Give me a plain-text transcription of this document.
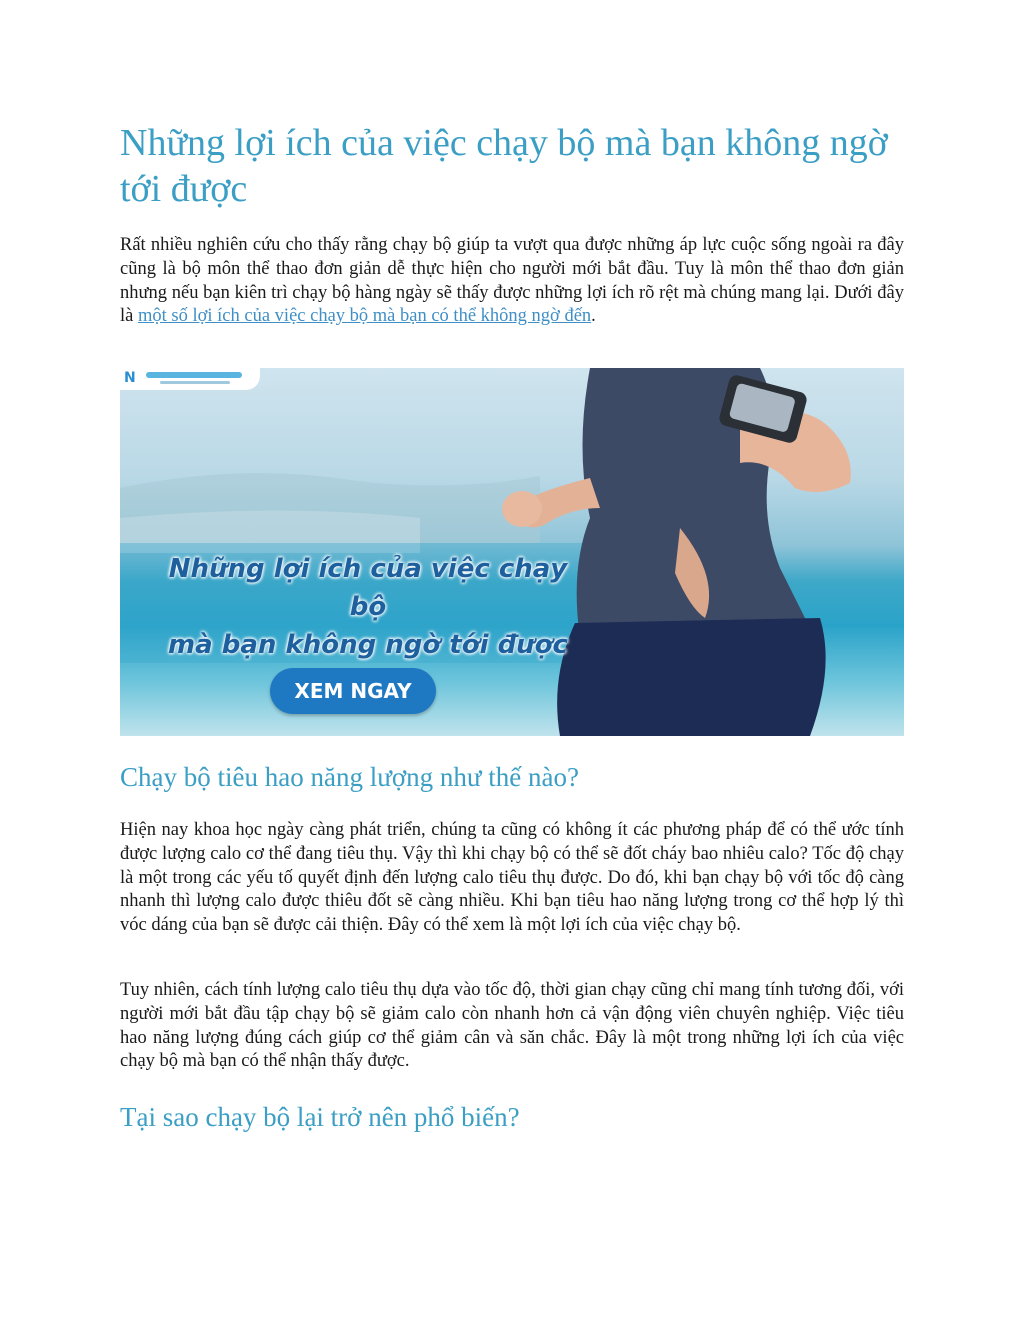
Những lợi ích của việc chạy bộ mà bạn không ngờ tới được

Rất nhiều nghiên cứu cho thấy rằng chạy bộ giúp ta vượt qua được những áp lực cuộc sống ngoài ra đây cũng là bộ môn thể thao đơn giản dễ thực hiện cho người mới bắt đầu. Tuy là môn thể thao đơn giản nhưng nếu bạn kiên trì chạy bộ hàng ngày sẽ thấy được những lợi ích rõ rệt mà chúng mang lại. Dưới đây là một số lợi ích của việc chạy bộ mà bạn có thể không ngờ đến.

N
Những lợi ích của việc chạy bộ
mà bạn không ngờ tới được
XEM NGAY
Chạy bộ tiêu hao năng lượng như thế nào?

Hiện nay khoa học ngày càng phát triển, chúng ta cũng có không ít các phương pháp để có thể ước tính được lượng calo cơ thể đang tiêu thụ. Vậy thì khi chạy bộ có thể sẽ đốt cháy bao nhiêu calo? Tốc độ chạy là một trong các yếu tố quyết định đến lượng calo tiêu thụ được. Do đó, khi bạn chạy bộ với tốc độ càng nhanh thì lượng calo được thiêu đốt sẽ càng nhiều. Khi bạn tiêu hao năng lượng trong cơ thể hợp lý thì vóc dáng của bạn sẽ được cải thiện. Đây có thể xem là một lợi ích của việc chạy bộ.

Tuy nhiên, cách tính lượng calo tiêu thụ dựa vào tốc độ, thời gian chạy cũng chỉ mang tính tương đối, với người mới bắt đầu tập chạy bộ sẽ giảm calo còn nhanh hơn cả vận động viên chuyên nghiệp. Việc tiêu hao năng lượng đúng cách giúp cơ thể giảm cân và săn chắc. Đây là một trong những lợi ích của việc chạy bộ mà bạn có thể nhận thấy được.

Tại sao chạy bộ lại trở nên phổ biến?
